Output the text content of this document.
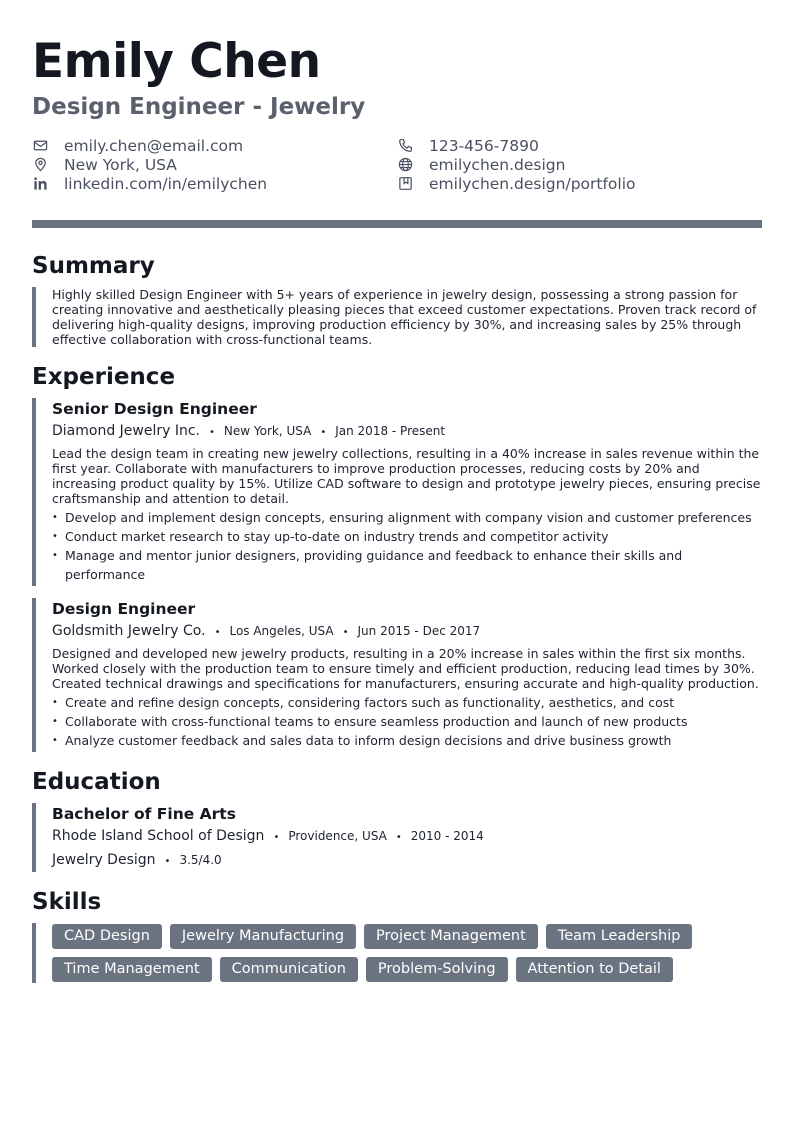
Emily Chen
Design Engineer - Jewelry
emily.chen@email.com	123-456-7890
New York, USA	emilychen.design
linkedin.com/in/emilychen	emilychen.design/portfolio
Summary
Highly skilled Design Engineer with 5+ years of experience in jewelry design, possessing a strong passion for creating innovative and aesthetically pleasing pieces that exceed customer expectations. Proven track record of delivering high-quality designs, improving production efficiency by 30%, and increasing sales by 25% through effective collaboration with cross-functional teams.
Experience
Senior Design Engineer
Diamond Jewelry Inc. • New York, USA • Jan 2018 - Present
Lead the design team in creating new jewelry collections, resulting in a 40% increase in sales revenue within the first year. Collaborate with manufacturers to improve production processes, reducing costs by 20% and increasing product quality by 15%. Utilize CAD software to design and prototype jewelry pieces, ensuring precise craftsmanship and attention to detail.
• Develop and implement design concepts, ensuring alignment with company vision and customer preferences
• Conduct market research to stay up-to-date on industry trends and competitor activity
• Manage and mentor junior designers, providing guidance and feedback to enhance their skills and performance
Design Engineer
Goldsmith Jewelry Co. • Los Angeles, USA • Jun 2015 - Dec 2017
Designed and developed new jewelry products, resulting in a 20% increase in sales within the first six months. Worked closely with the production team to ensure timely and efficient production, reducing lead times by 30%. Created technical drawings and specifications for manufacturers, ensuring accurate and high-quality production.
• Create and refine design concepts, considering factors such as functionality, aesthetics, and cost
• Collaborate with cross-functional teams to ensure seamless production and launch of new products
• Analyze customer feedback and sales data to inform design decisions and drive business growth
Education
Bachelor of Fine Arts
Rhode Island School of Design • Providence, USA • 2010 - 2014
Jewelry Design • 3.5/4.0
Skills
CAD Design	Jewelry Manufacturing	Project Management	Team Leadership
Time Management	Communication	Problem-Solving	Attention to Detail
